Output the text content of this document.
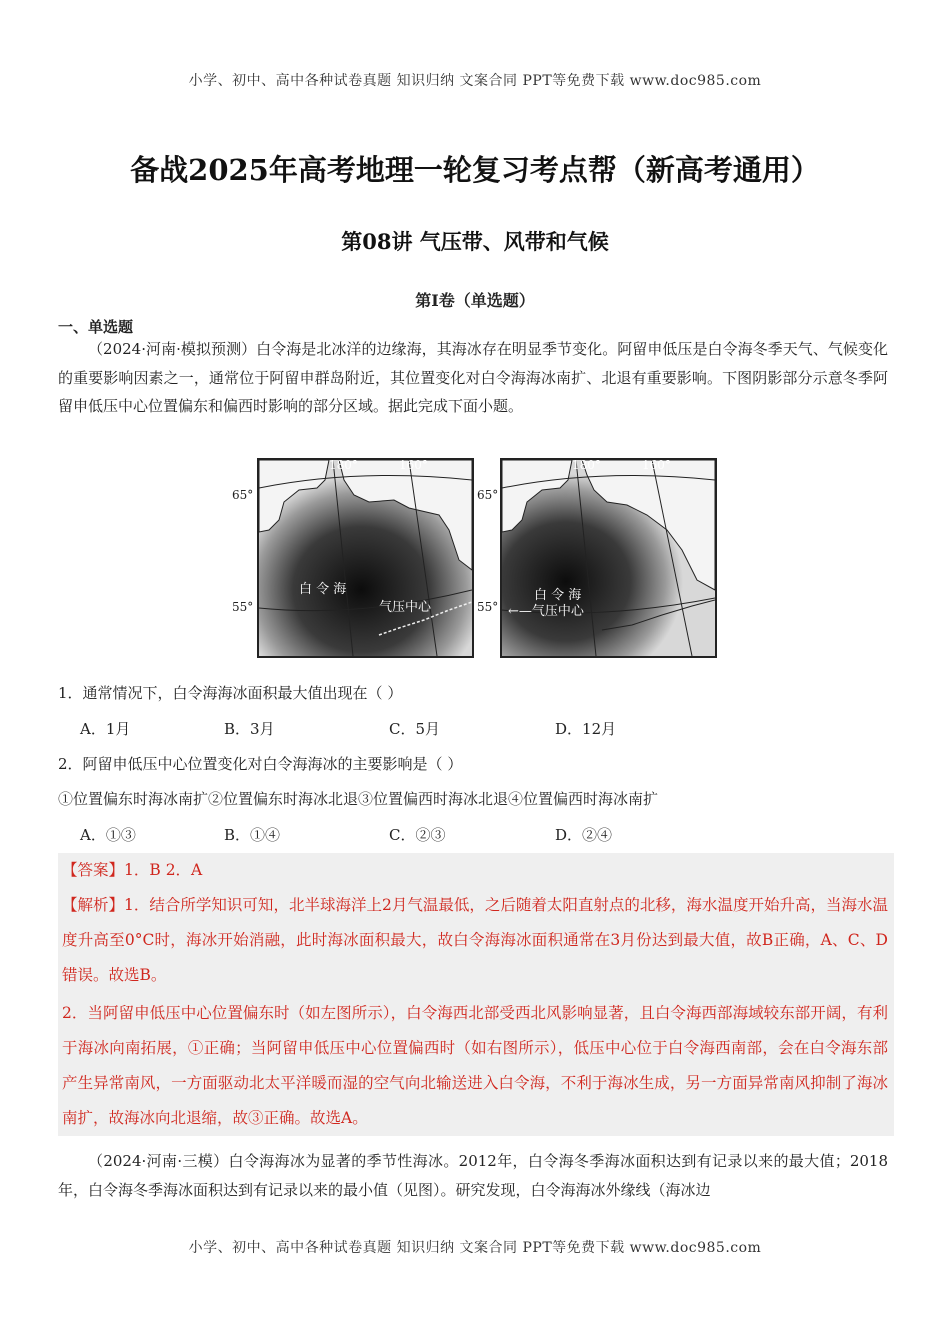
小学、初中、高中各种试卷真题 知识归纳 文案合同 PPT等免费下载 www.doc985.com
备战2025年高考地理一轮复习考点帮（新高考通用）
第08讲 气压带、风带和气候
第I卷（单选题）
一、单选题
（2024·河南·模拟预测）白令海是北冰洋的边缘海，其海冰存在明显季节变化。阿留申低压是白令海冬季天气、气候变化的重要影响因素之一，通常位于阿留申群岛附近，其位置变化对白令海海冰南扩、北退有重要影响。下图阴影部分示意冬季阿留申低压中心位置偏东和偏西时影响的部分区域。据此完成下面小题。
180°	160°
白 令 海
气压中心
65°
55°
180°	160°
白 令 海
←—气压中心
65°
55°
1．通常情况下，白令海海冰面积最大值出现在（ ）
A．1月	B．3月	C．5月	D．12月
2．阿留申低压中心位置变化对白令海海冰的主要影响是（ ）
①位置偏东时海冰南扩②位置偏东时海冰北退③位置偏西时海冰北退④位置偏西时海冰南扩
A．①③	B．①④	C．②③	D．②④
【答案】1．B 2．A
【解析】1．结合所学知识可知，北半球海洋上2月气温最低，之后随着太阳直射点的北移，海水温度开始升高，当海水温度升高至0°C时，海冰开始消融，此时海冰面积最大，故白令海海冰面积通常在3月份达到最大值，故B正确，A、C、D错误。故选B。
2．当阿留申低压中心位置偏东时（如左图所示），白令海西北部受西北风影响显著，且白令海西部海域较东部开阔，有利于海冰向南拓展，①正确；当阿留申低压中心位置偏西时（如右图所示），低压中心位于白令海西南部，会在白令海东部产生异常南风，一方面驱动北太平洋暖而湿的空气向北输送进入白令海，不利于海冰生成，另一方面异常南风抑制了海冰南扩，故海冰向北退缩，故③正确。故选A。
（2024·河南·三模）白令海海冰为显著的季节性海冰。2012年，白令海冬季海冰面积达到有记录以来的最大值；2018年，白令海冬季海冰面积达到有记录以来的最小值（见图）。研究发现，白令海海冰外缘线（海冰边
小学、初中、高中各种试卷真题 知识归纳 文案合同 PPT等免费下载 www.doc985.com
